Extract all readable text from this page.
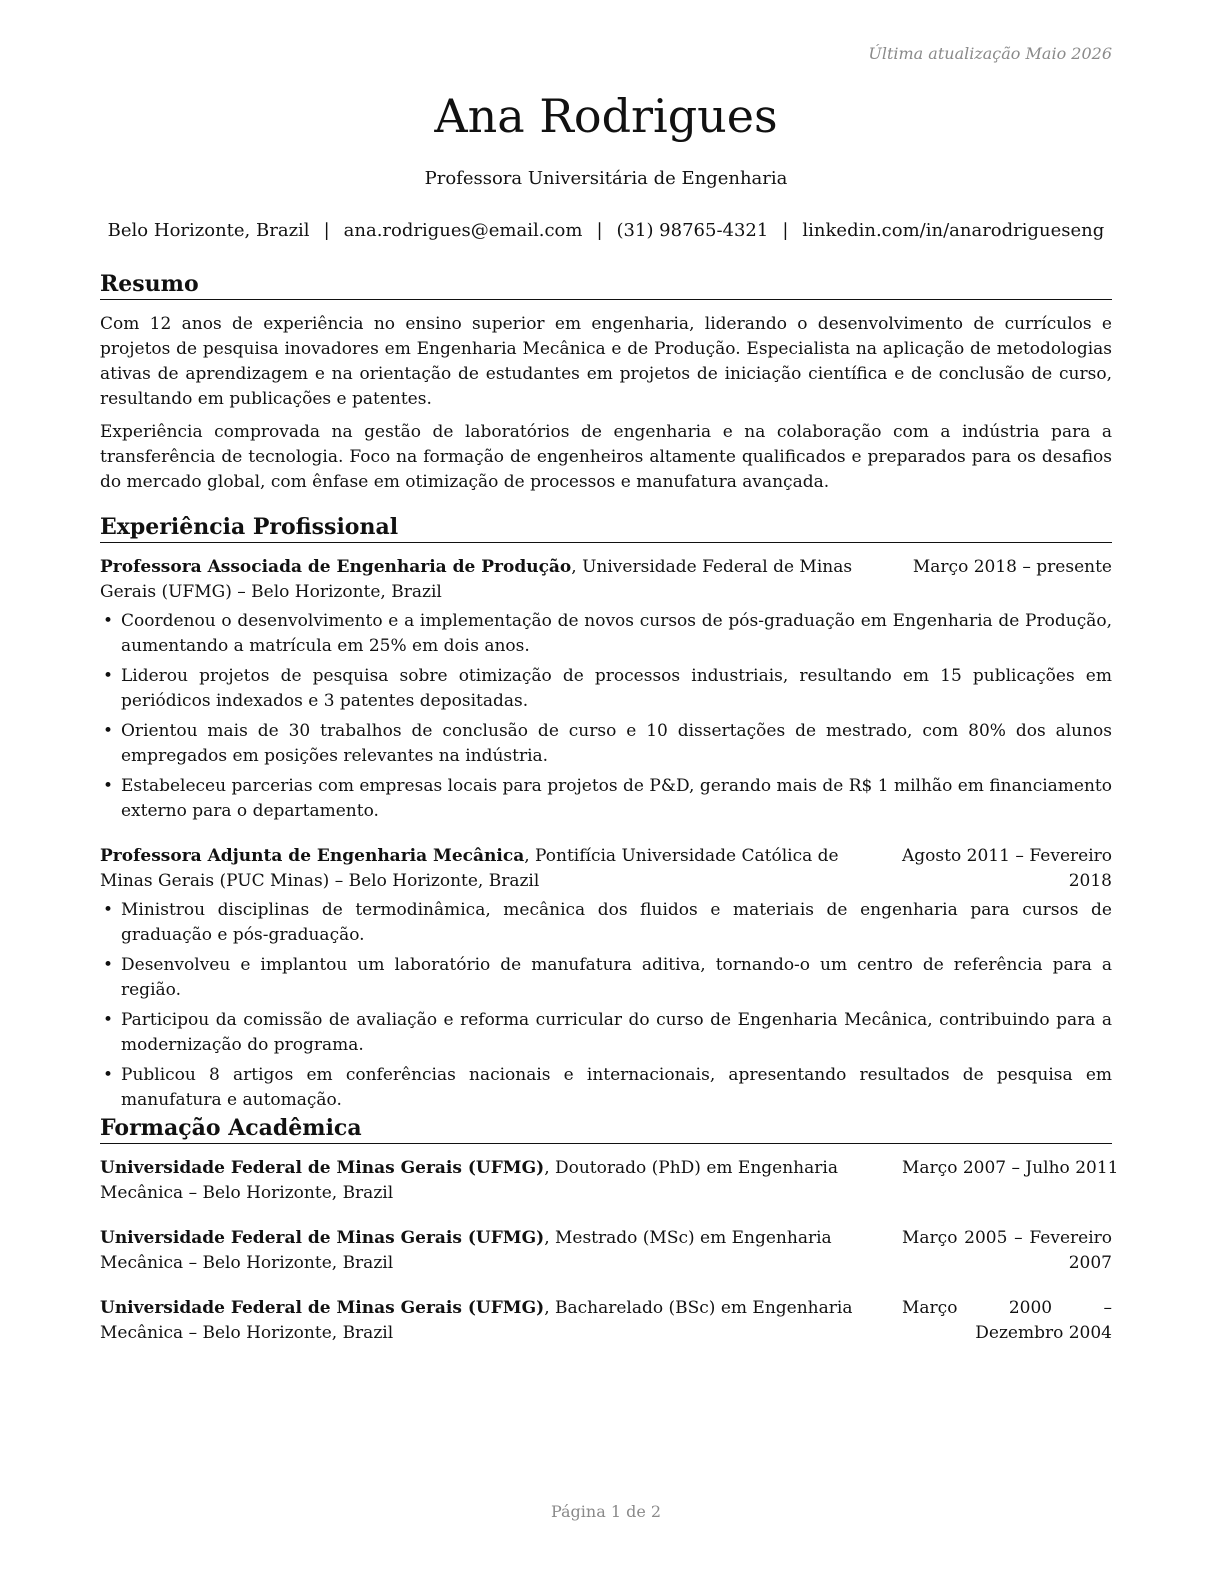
Última atualização Maio 2026
Ana Rodrigues
Professora Universitária de Engenharia
Belo Horizonte, Brazil | ana.rodrigues@email.com | (31) 98765-4321 | linkedin.com/in/anarodrigueseng
Resumo

Com 12 anos de experiência no ensino superior em engenharia, liderando o desenvolvimento de currículos e projetos de pesquisa inovadores em Engenharia Mecânica e de Produção. Especialista na aplicação de metodologias ativas de aprendizagem e na orientação de estudantes em projetos de iniciação científica e de conclusão de curso, resultando em publicações e patentes.

Experiência comprovada na gestão de laboratórios de engenharia e na colaboração com a indústria para a transferência de tecnologia. Foco na formação de engenheiros altamente qualificados e preparados para os desafios do mercado global, com ênfase em otimização de processos e manufatura avançada.

Experiência Profissional
Professora Associada de Engenharia de Produção, Universidade Federal de Minas Gerais (UFMG) – Belo Horizonte, Brazil
Março 2018 – presente
• Coordenou o desenvolvimento e a implementação de novos cursos de pós-graduação em Engenharia de Produção, aumentando a matrícula em 25% em dois anos.
• Liderou projetos de pesquisa sobre otimização de processos industriais, resultando em 15 publicações em periódicos indexados e 3 patentes depositadas.
• Orientou mais de 30 trabalhos de conclusão de curso e 10 dissertações de mestrado, com 80% dos alunos empregados em posições relevantes na indústria.
• Estabeleceu parcerias com empresas locais para projetos de P&D, gerando mais de R$ 1 milhão em financiamento externo para o departamento.
Professora Adjunta de Engenharia Mecânica, Pontifícia Universidade Católica de Minas Gerais (PUC Minas) – Belo Horizonte, Brazil
Agosto 2011 – Fevereiro 2018
• Ministrou disciplinas de termodinâmica, mecânica dos fluidos e materiais de engenharia para cursos de graduação e pós-graduação.
• Desenvolveu e implantou um laboratório de manufatura aditiva, tornando-o um centro de referência para a região.
• Participou da comissão de avaliação e reforma curricular do curso de Engenharia Mecânica, contribuindo para a modernização do programa.
• Publicou 8 artigos em conferências nacionais e internacionais, apresentando resultados de pesquisa em manufatura e automação.
Formação Acadêmica
Universidade Federal de Minas Gerais (UFMG), Doutorado (PhD) em Engenharia Mecânica – Belo Horizonte, Brazil
Março 2007 – Julho 2011
Universidade Federal de Minas Gerais (UFMG), Mestrado (MSc) em Engenharia Mecânica – Belo Horizonte, Brazil
Março 2005 – Fevereiro 2007
Universidade Federal de Minas Gerais (UFMG), Bacharelado (BSc) em Engenharia Mecânica – Belo Horizonte, Brazil
Março 2000 – Dezembro 2004
Página 1 de 2
